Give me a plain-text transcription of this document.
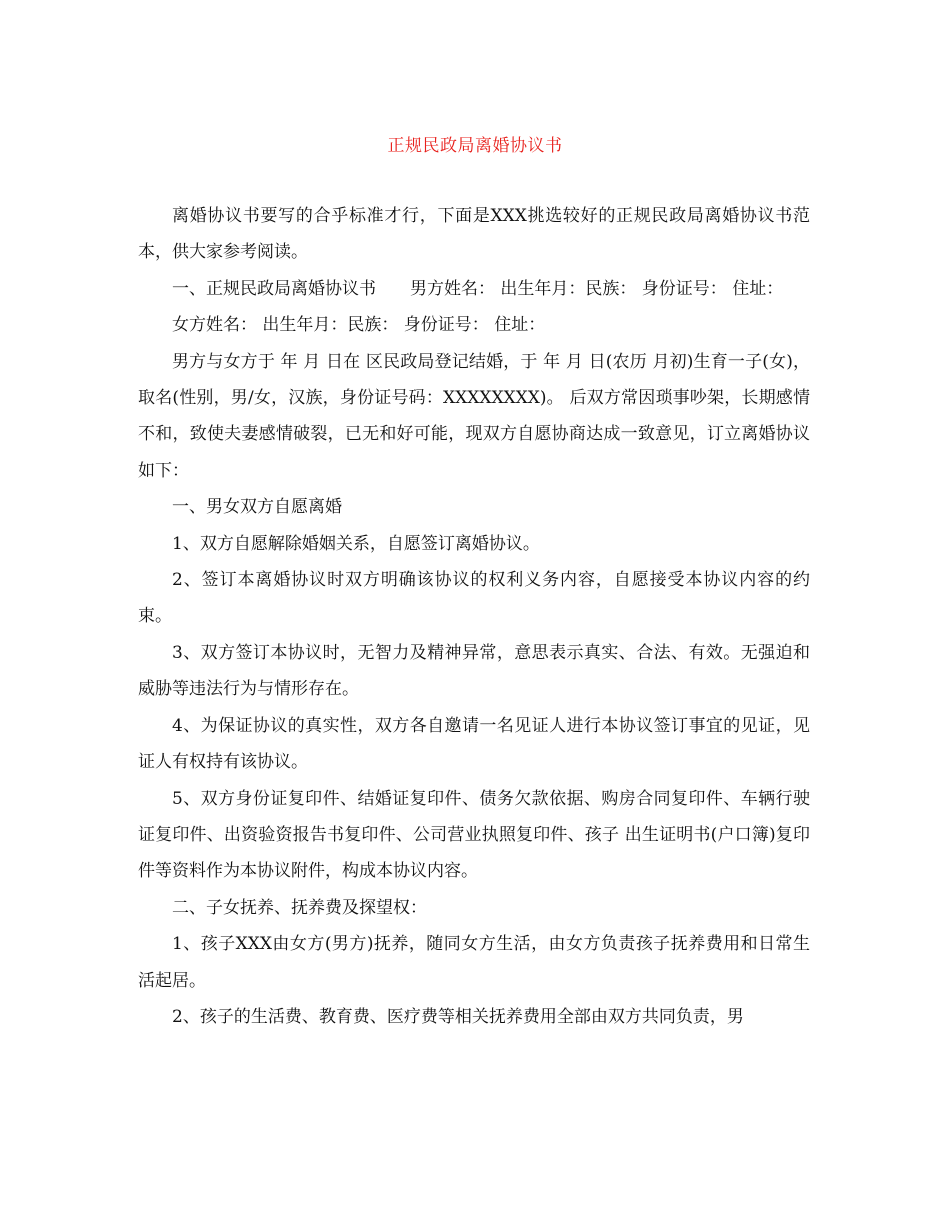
正规民政局离婚协议书

离婚协议书要写的合乎标准才行，下面是XXX挑选较好的正规民政局离婚协议书范本，供大家参考阅读。

一、正规民政局离婚协议书　　男方姓名： 出生年月：民族： 身份证号： 住址：

女方姓名： 出生年月：民族： 身份证号： 住址：

男方与女方于 年 月 日在 区民政局登记结婚，于 年 月 日(农历 月初)生育一子(女)，取名(性别，男/女，汉族，身份证号码：XXXXXXXX)。 后双方常因琐事吵架，长期感情不和，致使夫妻感情破裂，已无和好可能，现双方自愿协商达成一致意见，订立离婚协议如下：

一、男女双方自愿离婚

1、双方自愿解除婚姻关系，自愿签订离婚协议。

2、签订本离婚协议时双方明确该协议的权利义务内容，自愿接受本协议内容的约束。

3、双方签订本协议时，无智力及精神异常，意思表示真实、合法、有效。无强迫和威胁等违法行为与情形存在。

4、为保证协议的真实性，双方各自邀请一名见证人进行本协议签订事宜的见证，见证人有权持有该协议。

5、双方身份证复印件、结婚证复印件、债务欠款依据、购房合同复印件、车辆行驶证复印件、出资验资报告书复印件、公司营业执照复印件、孩子 出生证明书(户口簿)复印件等资料作为本协议附件，构成本协议内容。

二、子女抚养、抚养费及探望权：

1、孩子XXX由女方(男方)抚养，随同女方生活，由女方负责孩子抚养费用和日常生活起居。

2、孩子的生活费、教育费、医疗费等相关抚养费用全部由双方共同负责，男
